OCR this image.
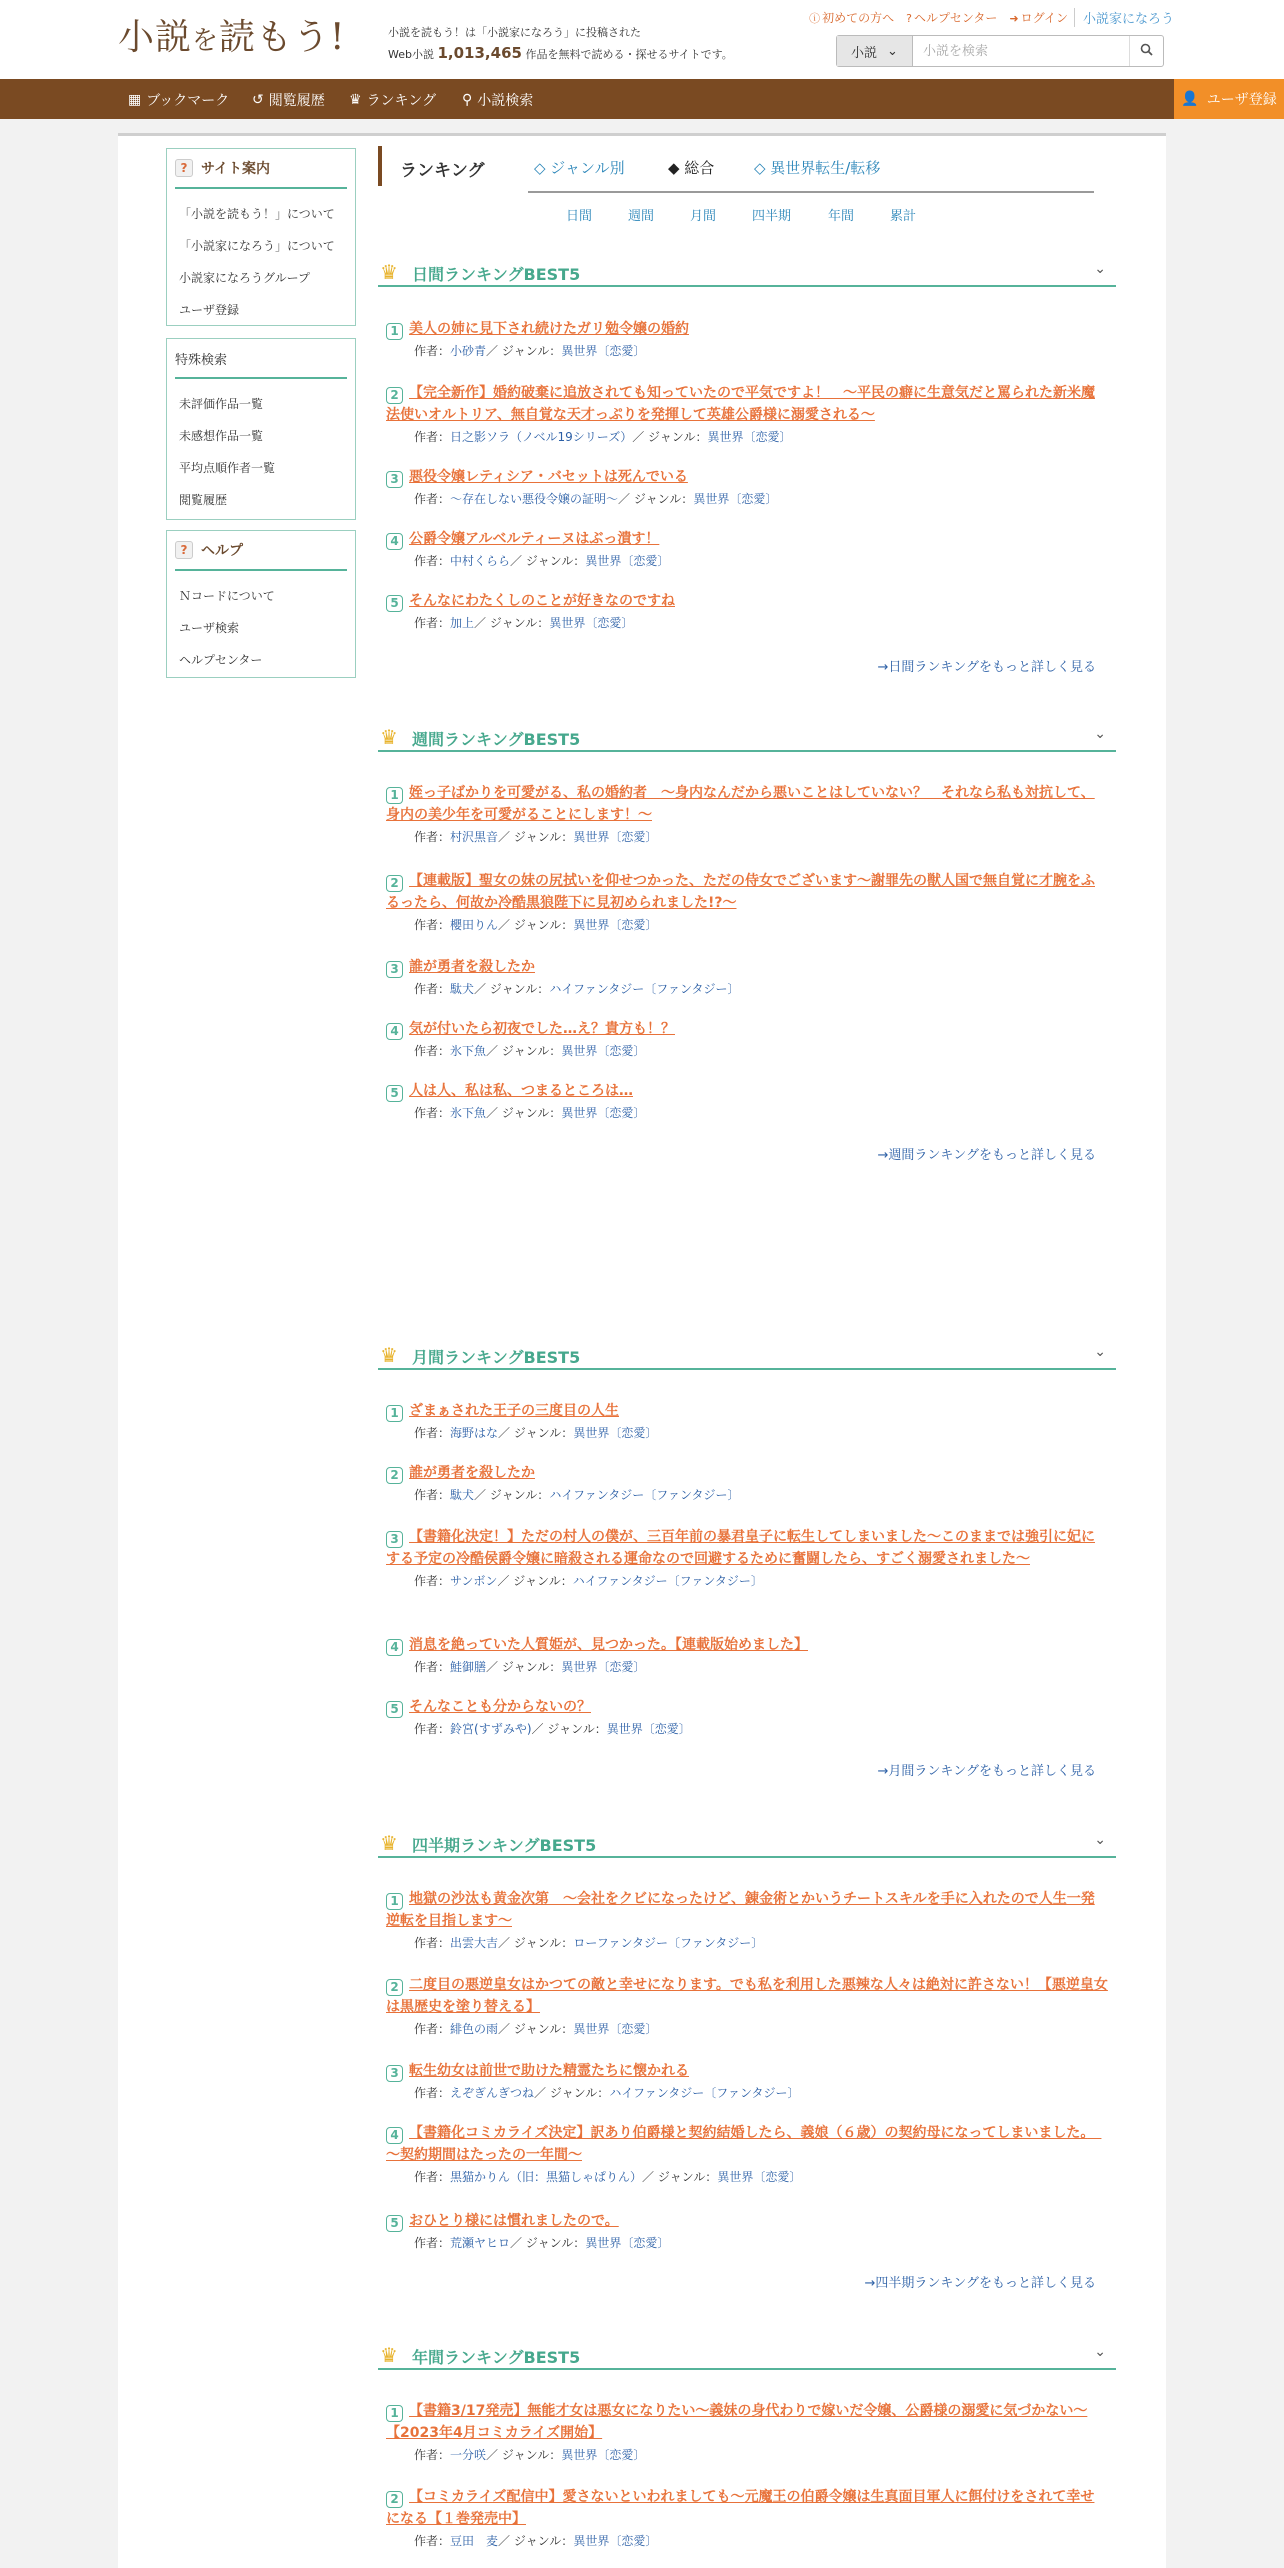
小説を読もう!	小説を読もう！は「小説家になろう」に投稿された
Web小説 1,013,465 作品を無料で読める・探せるサイトです。
ⓘ 初めての方へ ? ヘルプセンター ➜ ログイン	小説家になろう
小説 ⌄
小説を検索
▦ ブックマーク ↺ 閲覧履歴 ♛ ランキング ⚲ 小説検索	👤 ユーザ登録
? サイト案内
「小説を読もう！」について
「小説家になろう」について
小説家になろうグループ
ユーザ登録
特殊検索
未評価作品一覧
未感想作品一覧
平均点順作者一覧
閲覧履歴
? ヘルプ
Ｎコードについて
ユーザ検索
ヘルプセンター
ランキング	◇ ジャンル別	◆ 総合	◇ 異世界転生/転移
日間	週間	月間	四半期	年間	累計
♛ 日間ランキングBEST5	⌄
1 美人の姉に見下され続けたガリ勉令嬢の婚約
作者：小砂青／ ジャンル：異世界〔恋愛〕
2 【完全新作】婚約破棄に追放されても知っていたので平気ですよ！　～平民の癖に生意気だと罵られた新米魔法使いオルトリア、無自覚な天才っぷりを発揮して英雄公爵様に溺愛される～
作者：日之影ソラ（ノベル19シリーズ）／ ジャンル：異世界〔恋愛〕
3 悪役令嬢レティシア・バセットは死んでいる
作者：～存在しない悪役令嬢の証明～／ ジャンル：異世界〔恋愛〕
4 公爵令嬢アルベルティーヌはぶっ潰す！
作者：中村くらら／ ジャンル：異世界〔恋愛〕
5 そんなにわたくしのことが好きなのですね
作者：加上／ ジャンル：異世界〔恋愛〕
→日間ランキングをもっと詳しく見る
♛ 週間ランキングBEST5	⌄
1 姪っ子ばかりを可愛がる、私の婚約者　～身内なんだから悪いことはしていない？　それなら私も対抗して、身内の美少年を可愛がることにします！～
作者：村沢黒音／ ジャンル：異世界〔恋愛〕
2 【連載版】聖女の妹の尻拭いを仰せつかった、ただの侍女でございます〜謝罪先の獣人国で無自覚に才腕をふるったら、何故か冷酷黒狼陛下に見初められました!?〜
作者：櫻田りん／ ジャンル：異世界〔恋愛〕
3 誰が勇者を殺したか
作者：駄犬／ ジャンル：ハイファンタジー〔ファンタジー〕
4 気が付いたら初夜でした…え？貴方も！？
作者：氷下魚／ ジャンル：異世界〔恋愛〕
5 人は人、私は私、つまるところは…
作者：氷下魚／ ジャンル：異世界〔恋愛〕
→週間ランキングをもっと詳しく見る
♛ 月間ランキングBEST5	⌄
1 ざまぁされた王子の三度目の人生
作者：海野はな／ ジャンル：異世界〔恋愛〕
2 誰が勇者を殺したか
作者：駄犬／ ジャンル：ハイファンタジー〔ファンタジー〕
3 【書籍化決定！】ただの村人の僕が、三百年前の暴君皇子に転生してしまいました～このままでは強引に妃にする予定の冷酷侯爵令嬢に暗殺される運命なので回避するために奮闘したら、すごく溺愛されました～
作者：サンボン／ ジャンル：ハイファンタジー〔ファンタジー〕
4 消息を絶っていた人質姫が、見つかった。【連載版始めました】
作者：鮭御膳／ ジャンル：異世界〔恋愛〕
5 そんなことも分からないの？
作者：鈴宮(すずみや)／ ジャンル：異世界〔恋愛〕
→月間ランキングをもっと詳しく見る
♛ 四半期ランキングBEST5	⌄
1 地獄の沙汰も黄金次第　～会社をクビになったけど、錬金術とかいうチートスキルを手に入れたので人生一発逆転を目指します～
作者：出雲大吉／ ジャンル：ローファンタジー〔ファンタジー〕
2 二度目の悪逆皇女はかつての敵と幸せになります。でも私を利用した悪辣な人々は絶対に許さない！【悪逆皇女は黒歴史を塗り替える】
作者：緋色の雨／ ジャンル：異世界〔恋愛〕
3 転生幼女は前世で助けた精霊たちに懐かれる
作者：えぞぎんぎつね／ ジャンル：ハイファンタジー〔ファンタジー〕
4 【書籍化コミカライズ決定】訳あり伯爵様と契約結婚したら、義娘（６歳）の契約母になってしまいました。　～契約期間はたったの一年間～
作者：黒猫かりん（旧：黒猫しゃぱりん）／ ジャンル：異世界〔恋愛〕
5 おひとり様には慣れましたので。
作者：荒瀬ヤヒロ／ ジャンル：異世界〔恋愛〕
→四半期ランキングをもっと詳しく見る
♛ 年間ランキングBEST5	⌄
1 【書籍3/17発売】無能才女は悪女になりたい～義妹の身代わりで嫁いだ令嬢、公爵様の溺愛に気づかない～【2023年4月コミカライズ開始】
作者：一分咲／ ジャンル：異世界〔恋愛〕
2 【コミカライズ配信中】愛さないといわれましても～元魔王の伯爵令嬢は生真面目軍人に餌付けをされて幸せになる【１巻発売中】
作者：豆田　麦／ ジャンル：異世界〔恋愛〕
